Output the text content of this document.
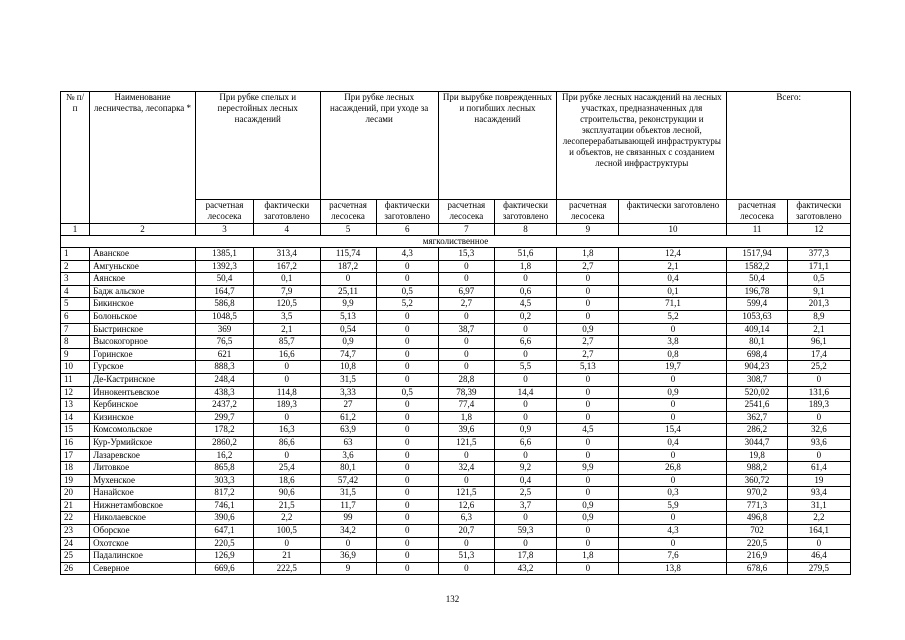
№ п/п	Наименование лесничества, лесопарка *	При рубке спелых и перестойных лесных насаждений		При рубке лесных насаждений, при уходе за лесами		При вырубке поврежденных и погибших лесных насаждений		При рубке лесных насаждений на лесных участках, предназначенных для строительства, реконструкции и эксплуатации объектов лесной, лесоперерабатывающей инфраструктуры и объектов, не связанных с созданием лесной инфраструктуры		Всего:	
		расчетная лесосека	фактически заготовлено	расчетная лесосека	фактически заготовлено	расчетная лесосека	фактически заготовлено	расчетная лесосека	фактически заготовлено	расчетная лесосека	фактически заготовлено
1	2	3	4	5	6	7	8	9	10	11	12
мягколиственное											
1	Аванское	1385,1	313,4	115,74	4,3	15,3	51,6	1,8	12,4	1517,94	377,3
2	Амгуньское	1392,3	167,2	187,2	0	0	1,8	2,7	2,1	1582,2	171,1
3	Аянское	50,4	0,1	0	0	0	0	0	0,4	50,4	0,5
4	Бадж альское	164,7	7,9	25,11	0,5	6,97	0,6	0	0,1	196,78	9,1
5	Бикинское	586,8	120,5	9,9	5,2	2,7	4,5	0	71,1	599,4	201,3
6	Болоньское	1048,5	3,5	5,13	0	0	0,2	0	5,2	1053,63	8,9
7	Быстринское	369	2,1	0,54	0	38,7	0	0,9	0	409,14	2,1
8	Высокогорное	76,5	85,7	0,9	0	0	6,6	2,7	3,8	80,1	96,1
9	Горинское	621	16,6	74,7	0	0	0	2,7	0,8	698,4	17,4
10	Гурское	888,3	0	10,8	0	0	5,5	5,13	19,7	904,23	25,2
11	Де-Кастринское	248,4	0	31,5	0	28,8	0	0	0	308,7	0
12	Иннокентьевское	438,3	114,8	3,33	0,5	78,39	14,4	0	0,9	520,02	131,6
13	Кербинское	2437,2	189,3	27	0	77,4	0	0	0	2541,6	189,3
14	Кизинское	299,7	0	61,2	0	1,8	0	0	0	362,7	0
15	Комсомольское	178,2	16,3	63,9	0	39,6	0,9	4,5	15,4	286,2	32,6
16	Кур-Урмийское	2860,2	86,6	63	0	121,5	6,6	0	0,4	3044,7	93,6
17	Лазаревское	16,2	0	3,6	0	0	0	0	0	19,8	0
18	Литовкое	865,8	25,4	80,1	0	32,4	9,2	9,9	26,8	988,2	61,4
19	Мухенское	303,3	18,6	57,42	0	0	0,4	0	0	360,72	19
20	Нанайское	817,2	90,6	31,5	0	121,5	2,5	0	0,3	970,2	93,4
21	Нижнетамбовское	746,1	21,5	11,7	0	12,6	3,7	0,9	5,9	771,3	31,1
22	Николаевское	390,6	2,2	99	0	6,3	0	0,9	0	496,8	2,2
23	Оборское	647,1	100,5	34,2	0	20,7	59,3	0	4,3	702	164,1
24	Охотское	220,5	0	0	0	0	0	0	0	220,5	0
25	Падалинское	126,9	21	36,9	0	51,3	17,8	1,8	7,6	216,9	46,4
26	Северное	669,6	222,5	9	0	0	43,2	0	13,8	678,6	279,5
132
